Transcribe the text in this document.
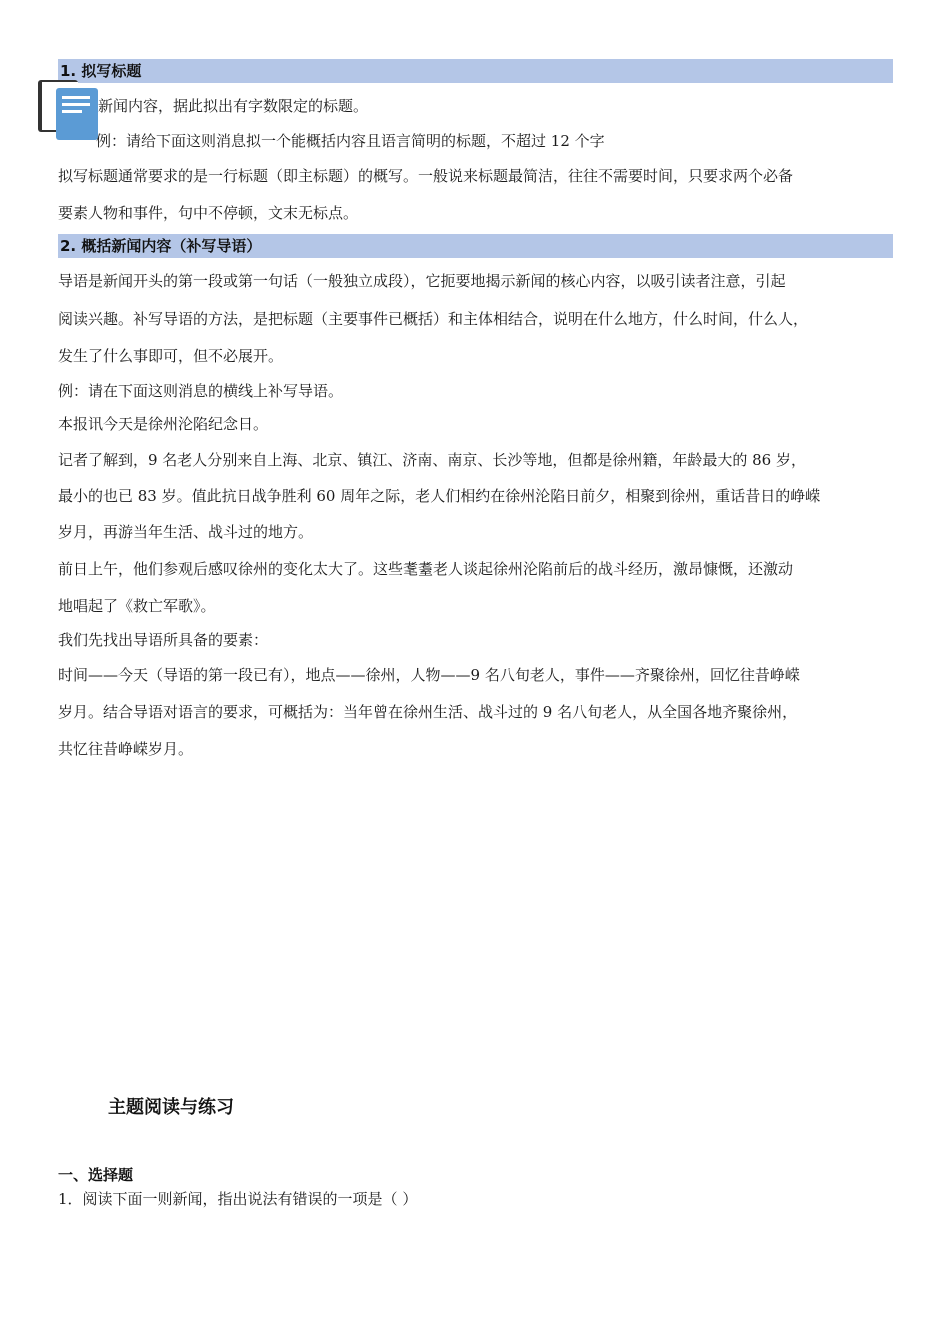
1. 拟写标题
新闻内容，据此拟出有字数限定的标题。
例：请给下面这则消息拟一个能概括内容且语言简明的标题，不超过 12 个字
拟写标题通常要求的是一行标题（即主标题）的概写。一般说来标题最简洁，往往不需要时间，只要求两个必备
要素人物和事件，句中不停顿，文末无标点。
2. 概括新闻内容（补写导语）
导语是新闻开头的第一段或第一句话（一般独立成段），它扼要地揭示新闻的核心内容，以吸引读者注意，引起
阅读兴趣。补写导语的方法，是把标题（主要事件已概括）和主体相结合，说明在什么地方，什么时间，什么人，
发生了什么事即可，但不必展开。
例：请在下面这则消息的横线上补写导语。
本报讯今天是徐州沦陷纪念日。
记者了解到，9 名老人分别来自上海、北京、镇江、济南、南京、长沙等地，但都是徐州籍，年龄最大的 86 岁，
最小的也已 83 岁。值此抗日战争胜利 60 周年之际，老人们相约在徐州沦陷日前夕，相聚到徐州，重话昔日的峥嵘
岁月，再游当年生活、战斗过的地方。
前日上午，他们参观后感叹徐州的变化太大了。这些耄耋老人谈起徐州沦陷前后的战斗经历，激昂慷慨，还激动
地唱起了《救亡军歌》。
我们先找出导语所具备的要素：
时间——今天（导语的第一段已有），地点——徐州，人物——9 名八旬老人，事件——齐聚徐州，回忆往昔峥嵘
岁月。结合导语对语言的要求，可概括为：当年曾在徐州生活、战斗过的 9 名八旬老人，从全国各地齐聚徐州，
共忆往昔峥嵘岁月。
主题阅读与练习
一、选择题
1．阅读下面一则新闻，指出说法有错误的一项是（ ）
